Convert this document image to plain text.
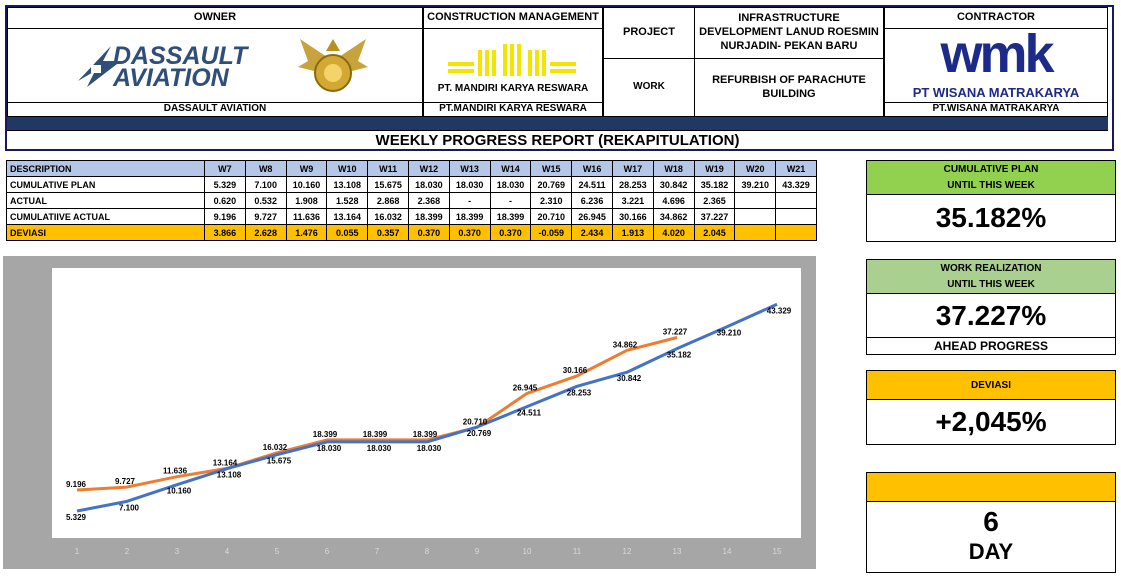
OWNER
DASSAULT
AVIATION
DASSAULT AVIATION
CONSTRUCTION MANAGEMENT
PT. MANDIRI KARYA RESWARA
PT.MANDIRI KARYA RESWARA
PROJECT
INFRASTRUCTURE DEVELOPMENT LANUD ROESMIN NURJADIN- PEKAN BARU
WORK
REFURBISH OF PARACHUTE BUILDING
CONTRACTOR
wmk
PT WISANA MATRAKARYA
PT.WISANA MATRAKARYA
WEEKLY PROGRESS REPORT (REKAPITULATION)
DESCRIPTION	W7	W8	W9	W10	W11	W12	W13	W14	W15	W16	W17	W18	W19	W20	W21
CUMULATIVE PLAN	5.329	7.100	10.160	13.108	15.675	18.030	18.030	18.030	20.769	24.511	28.253	30.842	35.182	39.210	43.329
ACTUAL	0.620	0.532	1.908	1.528	2.868	2.368	-	-	2.310	6.236	3.221	4.696	2.365		
CUMULATIIVE ACTUAL	9.196	9.727	11.636	13.164	16.032	18.399	18.399	18.399	20.710	26.945	30.166	34.862	37.227		
DEVIASI	3.866	2.628	1.476	0.055	0.357	0.370	0.370	0.370	-0.059	2.434	1.913	4.020	2.045		
1	2	3	4	5	6	7	8	9	10	11	12	13	14	15
5.329
7.100
10.160
13.108
15.675
18.030	18.030	18.030
20.769
24.511
28.253
30.842
35.182
39.210
43.329
9.196	9.727
11.636
13.164
16.032
18.399	18.399	18.399
20.710
26.945
30.166
34.862
37.227
CUMULATIVE PLAN
UNTIL THIS WEEK
35.182%
WORK REALIZATION
UNTIL THIS WEEK
37.227%
AHEAD PROGRESS
DEVIASI
+2,045%
6
DAY
